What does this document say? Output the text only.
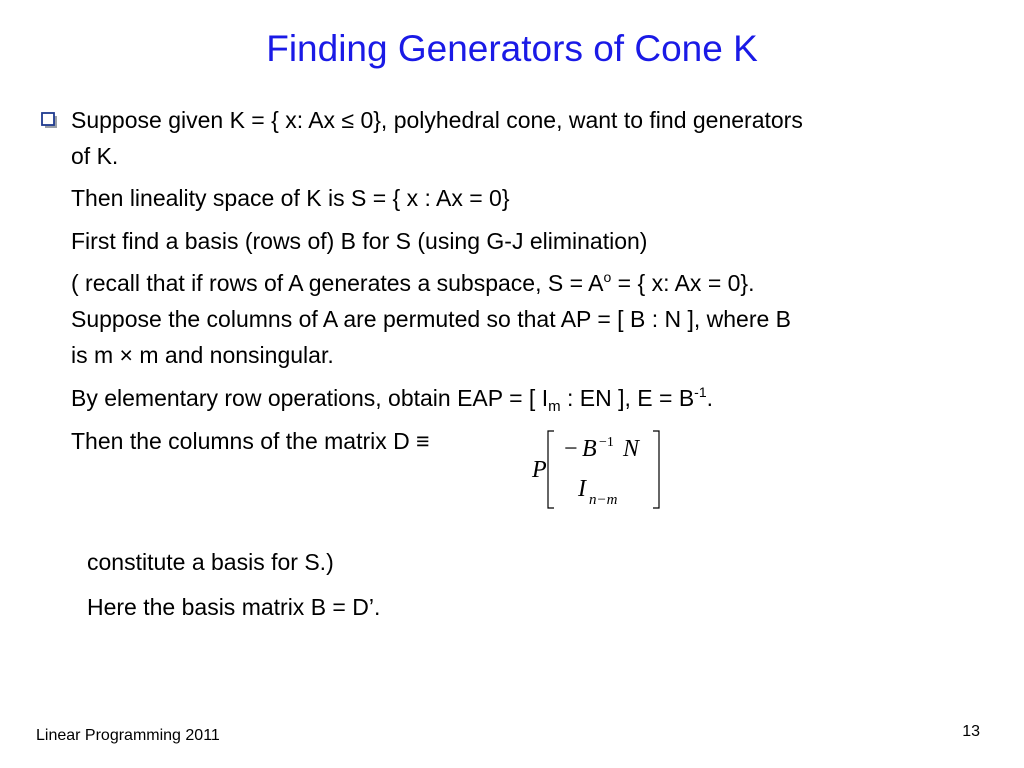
Finding Generators of Cone K
Suppose given K = { x: Ax ≤ 0}, polyhedral cone, want to find generators
of K.
Then lineality space of K is S = { x : Ax = 0}
First find a basis (rows of) B for S (using G-J elimination)
( recall that if rows of A generates a subspace, $S = A^o$ = { x: Ax = 0}.
Suppose the columns of A are permuted so that AP = [ B : N ], where B
is m × m and nonsingular.
By elementary row operations, obtain EAP = [ $I_m$ : EN ], $E = B^{-1}$.
Then the columns of the matrix D ≡
P
− B −1 N
I n−m
constitute a basis for S.)
Here the basis matrix B = D’.
Linear Programming 2011	13
